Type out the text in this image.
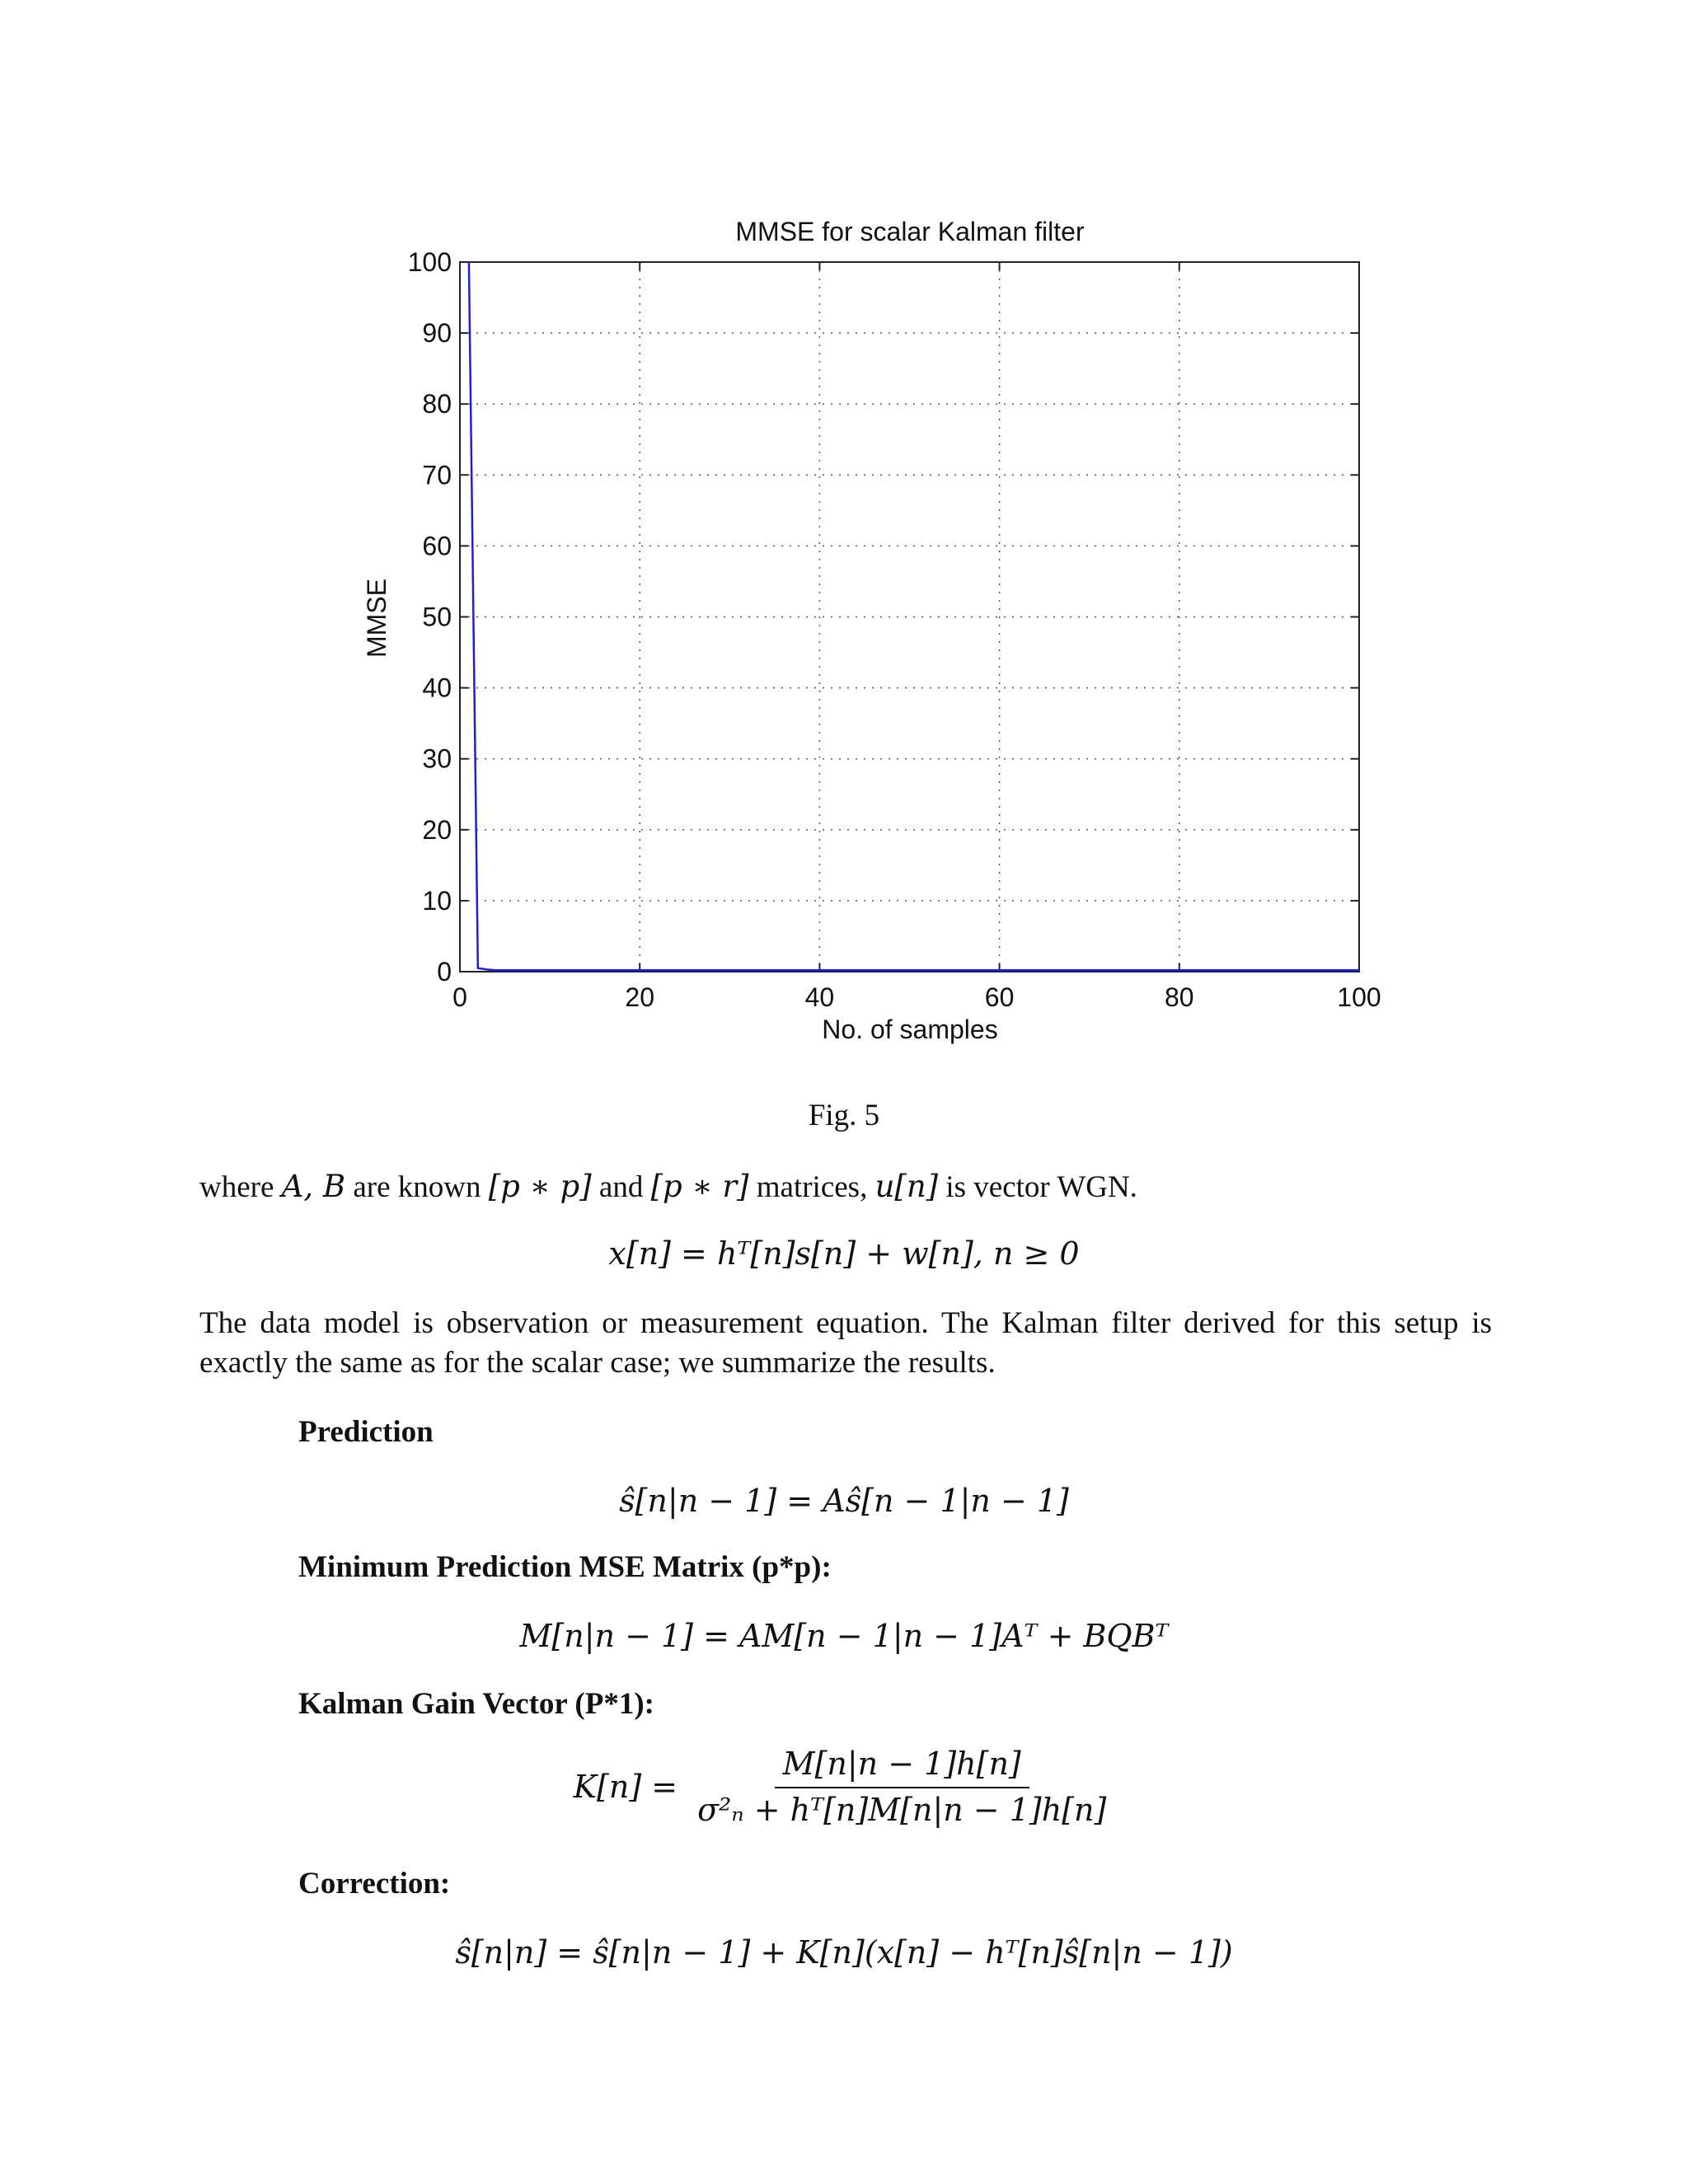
MMSE for scalar Kalman filter
0	20	40	60	80	100
0
10
20
30
40
50
60
70
80
90
100
No. of samples
MMSE
Fig. 5
where A, B are known [p ∗ p] and [p ∗ r] matrices, u[n] is vector WGN.
x[n] = hᵀ[n]s[n] + w[n], n ≥ 0
The data model is observation or measurement equation. The Kalman filter derived for this setup is exactly the same as for the scalar case; we summarize the results.
Prediction
ŝ[n|n − 1] = Aŝ[n − 1|n − 1]
Minimum Prediction MSE Matrix (p*p):
M[n|n − 1] = AM[n − 1|n − 1]Aᵀ + BQBᵀ
Kalman Gain Vector (P*1):
$K[n] = \frac{M[n|n - 1]h[n]}{\text{σ²ₙ + hᵀ[n]M[n|n − 1]h[n]}}$
Correction:
ŝ[n|n] = ŝ[n|n − 1] + K[n](x[n] − hᵀ[n]ŝ[n|n − 1])
